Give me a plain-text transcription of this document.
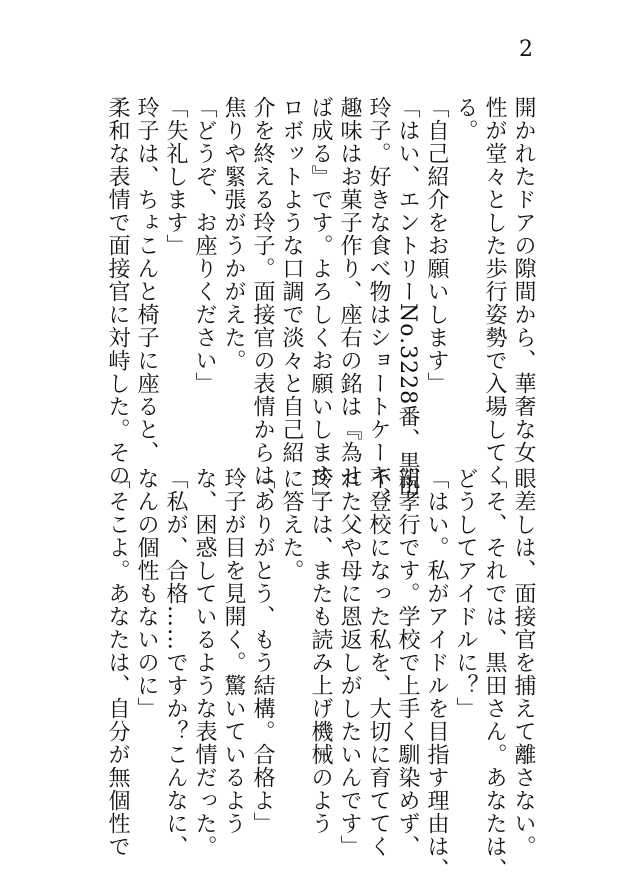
2
開かれたドアの隙間から、華奢な女
性が堂々とした歩行姿勢で入場してく
る。
「自己紹介をお願いします」
「はい、エントリーNo.3228番、黒田
玲子。好きな食べ物はショートケーキ、
趣味はお菓子作り、座右の銘は『為せ
ば成る』です。よろしくお願いします」
ロボットような口調で淡々と自己紹
介を終える玲子。面接官の表情からは、
焦りや緊張がうかがえた。
「どうぞ、お座りください」
「失礼します」
玲子は、ちょこんと椅子に座ると、
柔和な表情で面接官に対峙した。その
眼差しは、面接官を捕えて離さない。
「そ、それでは、黒田さん。あなたは、
どうしてアイドルに？」
「はい。私がアイドルを目指す理由は、
親孝行です。学校で上手く馴染めず、
不登校になった私を、大切に育ててく
れた父や母に恩返しがしたいんです」
玲子は、またも読み上げ機械のよう
に答えた。
「ありがとう、もう結構。合格よ」
玲子が目を見開く。驚いているよう
な、困惑しているような表情だった。
「私が、合格……ですか？こんなに、
なんの個性もないのに」
「そこよ。あなたは、自分が無個性で
